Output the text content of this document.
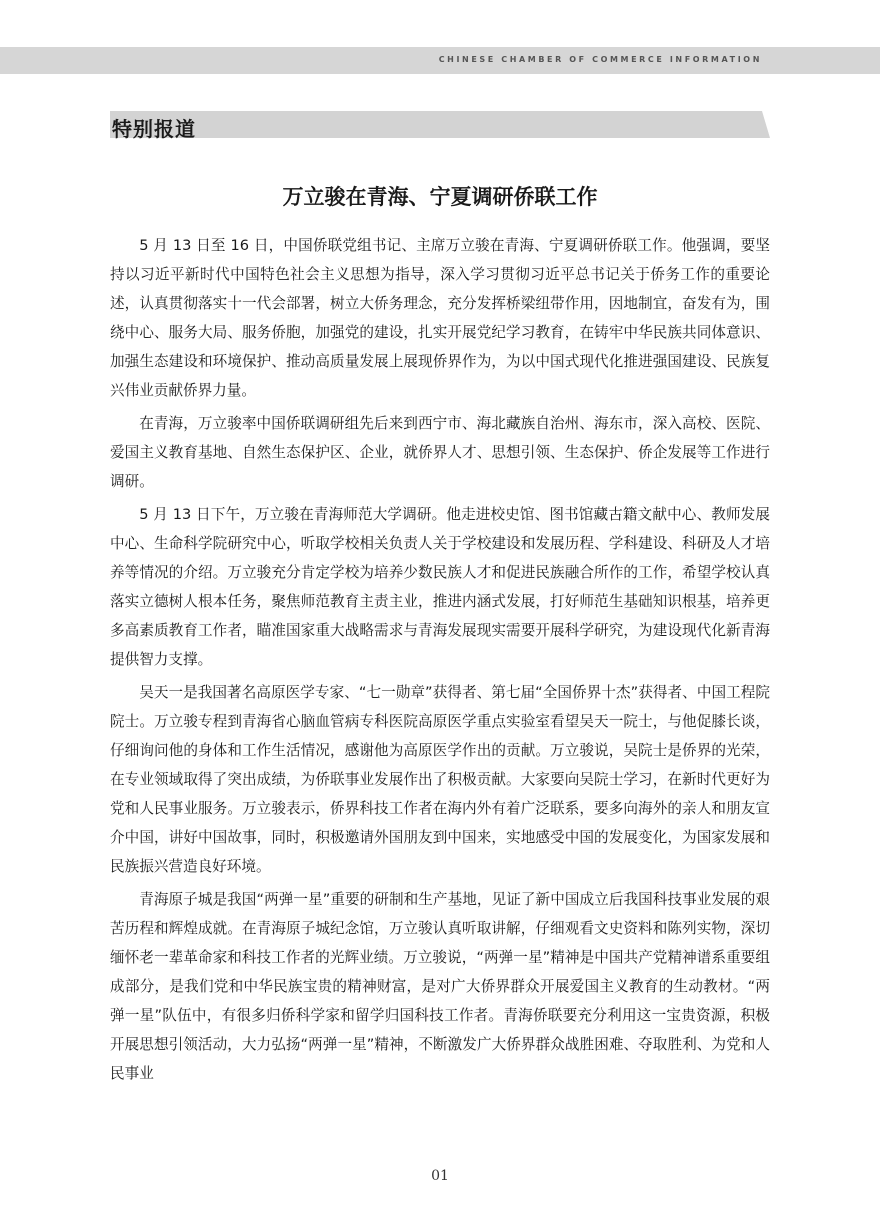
CHINESE CHAMBER OF COMMERCE INFORMATION
特别报道
万立骏在青海、宁夏调研侨联工作

5 月 13 日至 16 日，中国侨联党组书记、主席万立骏在青海、宁夏调研侨联工作。他强调，要坚持以习近平新时代中国特色社会主义思想为指导，深入学习贯彻习近平总书记关于侨务工作的重要论述，认真贯彻落实十一代会部署，树立大侨务理念，充分发挥桥梁纽带作用，因地制宜，奋发有为，围绕中心、服务大局、服务侨胞，加强党的建设，扎实开展党纪学习教育，在铸牢中华民族共同体意识、加强生态建设和环境保护、推动高质量发展上展现侨界作为，为以中国式现代化推进强国建设、民族复兴伟业贡献侨界力量。

在青海，万立骏率中国侨联调研组先后来到西宁市、海北藏族自治州、海东市，深入高校、医院、爱国主义教育基地、自然生态保护区、企业，就侨界人才、思想引领、生态保护、侨企发展等工作进行调研。

5 月 13 日下午，万立骏在青海师范大学调研。他走进校史馆、图书馆藏古籍文献中心、教师发展中心、生命科学院研究中心，听取学校相关负责人关于学校建设和发展历程、学科建设、科研及人才培养等情况的介绍。万立骏充分肯定学校为培养少数民族人才和促进民族融合所作的工作，希望学校认真落实立德树人根本任务，聚焦师范教育主责主业，推进内涵式发展，打好师范生基础知识根基，培养更多高素质教育工作者，瞄准国家重大战略需求与青海发展现实需要开展科学研究，为建设现代化新青海提供智力支撑。

吴天一是我国著名高原医学专家、“七一勋章”获得者、第七届“全国侨界十杰”获得者、中国工程院院士。万立骏专程到青海省心脑血管病专科医院高原医学重点实验室看望吴天一院士，与他促膝长谈，仔细询问他的身体和工作生活情况，感谢他为高原医学作出的贡献。万立骏说，吴院士是侨界的光荣，在专业领域取得了突出成绩，为侨联事业发展作出了积极贡献。大家要向吴院士学习，在新时代更好为党和人民事业服务。万立骏表示，侨界科技工作者在海内外有着广泛联系，要多向海外的亲人和朋友宣介中国，讲好中国故事，同时，积极邀请外国朋友到中国来，实地感受中国的发展变化，为国家发展和民族振兴营造良好环境。

青海原子城是我国“两弹一星”重要的研制和生产基地，见证了新中国成立后我国科技事业发展的艰苦历程和辉煌成就。在青海原子城纪念馆，万立骏认真听取讲解，仔细观看文史资料和陈列实物，深切缅怀老一辈革命家和科技工作者的光辉业绩。万立骏说，“两弹一星”精神是中国共产党精神谱系重要组成部分，是我们党和中华民族宝贵的精神财富，是对广大侨界群众开展爱国主义教育的生动教材。“两弹一星”队伍中，有很多归侨科学家和留学归国科技工作者。青海侨联要充分利用这一宝贵资源，积极开展思想引领活动，大力弘扬“两弹一星”精神，不断激发广大侨界群众战胜困难、夺取胜利、为党和人民事业

01
